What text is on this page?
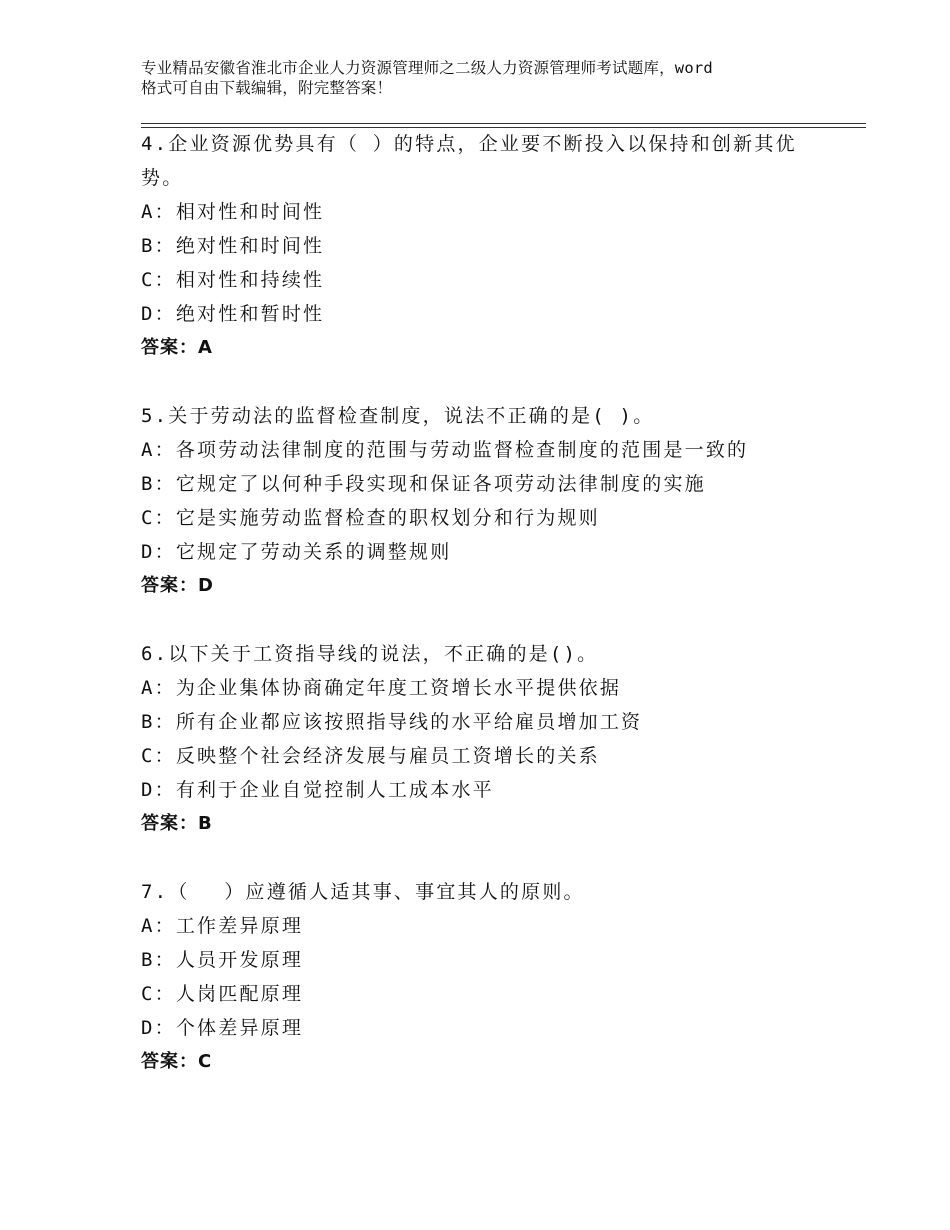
专业精品安徽省淮北市企业人力资源管理师之二级人力资源管理师考试题库，word
格式可自由下载编辑，附完整答案！
4.企业资源优势具有（ ）的特点，企业要不断投入以保持和创新其优势。
A：相对性和时间性
B：绝对性和时间性
C：相对性和持续性
D：绝对性和暂时性
答案：A
5.关于劳动法的监督检查制度，说法不正确的是( )。
A：各项劳动法律制度的范围与劳动监督检查制度的范围是一致的
B：它规定了以何种手段实现和保证各项劳动法律制度的实施
C：它是实施劳动监督检查的职权划分和行为规则
D：它规定了劳动关系的调整规则
答案：D
6.以下关于工资指导线的说法，不正确的是()。
A：为企业集体协商确定年度工资增长水平提供依据
B：所有企业都应该按照指导线的水平给雇员增加工资
C：反映整个社会经济发展与雇员工资增长的关系
D：有利于企业自觉控制人工成本水平
答案：B
7.（　 ）应遵循人适其事、事宜其人的原则。
A：工作差异原理
B：人员开发原理
C：人岗匹配原理
D：个体差异原理
答案：C
